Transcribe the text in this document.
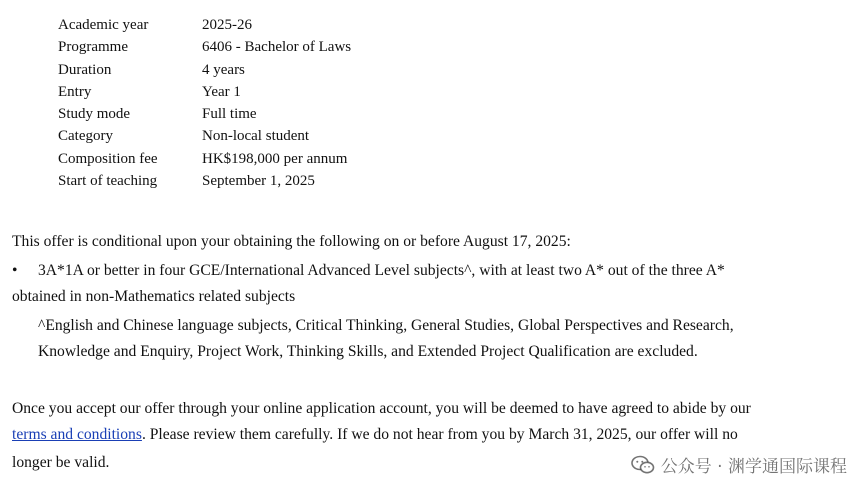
Academic year	2025-26
Programme	6406 - Bachelor of Laws
Duration	4 years
Entry	Year 1
Study mode	Full time
Category	Non-local student
Composition fee	HK$198,000 per annum
Start of teaching	September 1, 2025

This offer is conditional upon your obtaining the following on or before August 17, 2025:

• 3A*1A or better in four GCE/International Advanced Level subjects^, with at least two A* out of the three A*

obtained in non-Mathematics related subjects

^English and Chinese language subjects, Critical Thinking, General Studies, Global Perspectives and Research,

Knowledge and Enquiry, Project Work, Thinking Skills, and Extended Project Qualification are excluded.

Once you accept our offer through your online application account, you will be deemed to have agreed to abide by our

terms and conditions. Please review them carefully. If we do not hear from you by March 31, 2025, our offer will no

longer be valid.	公众号 · 渊学通国际课程
